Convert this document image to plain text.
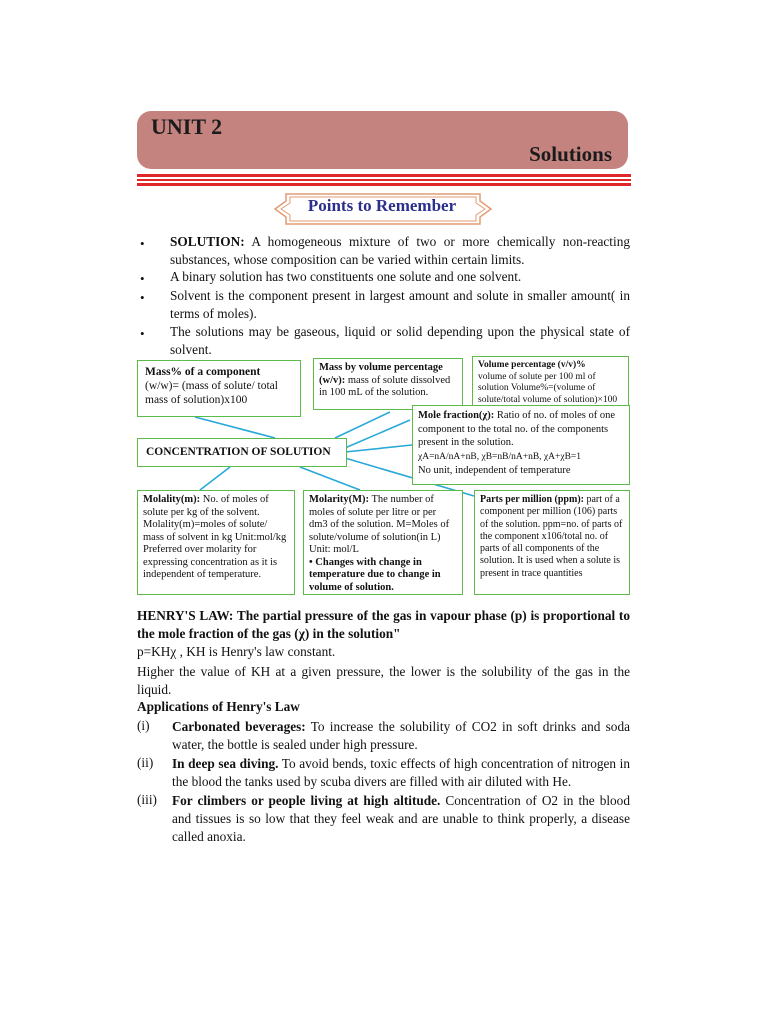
UNIT 2
Solutions
Points to Remember
• SOLUTION: A homogeneous mixture of two or more chemically non-reacting substances, whose composition can be varied within certain limits.
• A binary solution has two constituents one solute and one solvent.
• Solvent is the component present in largest amount and solute in smaller amount( in terms of moles).
• The solutions may be gaseous, liquid or solid depending upon the physical state of solvent.
Mass% of a component
(w/w)= (mass of solute/ total mass of solution)x100
Mass by volume percentage (w/v): mass of solute dissolved in 100 mL of the solution.
Volume percentage (v/v)%
volume of solute per 100 ml of solution Volume%=(volume of solute/total volume of solution)×100
CONCENTRATION OF SOLUTION
Mole fraction(χ): Ratio of no. of moles of one component to the total no. of the components present in the solution.
χA=nA/nA+nB, χB=nB/nA+nB, χA+χB=1
No unit, independent of temperature
Molality(m): No. of moles of solute per kg of the solvent. Molality(m)=moles of solute/ mass of solvent in kg Unit:mol/kg Preferred over molarity for expressing concentration as it is independent of temperature.
Molarity(M): The number of moles of solute per litre or per dm3 of the solution. M=Moles of solute/volume of solution(in L) Unit: mol/L
• Changes with change in temperature due to change in volume of solution.
Parts per million (ppm): part of a component per million (106) parts of the solution. ppm=no. of parts of the component x106/total no. of parts of all components of the solution. It is used when a solute is present in trace quantities
HENRY'S LAW: The partial pressure of the gas in vapour phase (p) is proportional to the mole fraction of the gas (χ) in the solution"
p=KHχ , KH is Henry's law constant.
Higher the value of KH at a given pressure, the lower is the solubility of the gas in the liquid.
Applications of Henry's Law
(i) Carbonated beverages: To increase the solubility of CO2 in soft drinks and soda water, the bottle is sealed under high pressure.
(ii) In deep sea diving. To avoid bends, toxic effects of high concentration of nitrogen in the blood the tanks used by scuba divers are filled with air diluted with He.
(iii) For climbers or people living at high altitude. Concentration of O2 in the blood and tissues is so low that they feel weak and are unable to think properly, a disease called anoxia.
